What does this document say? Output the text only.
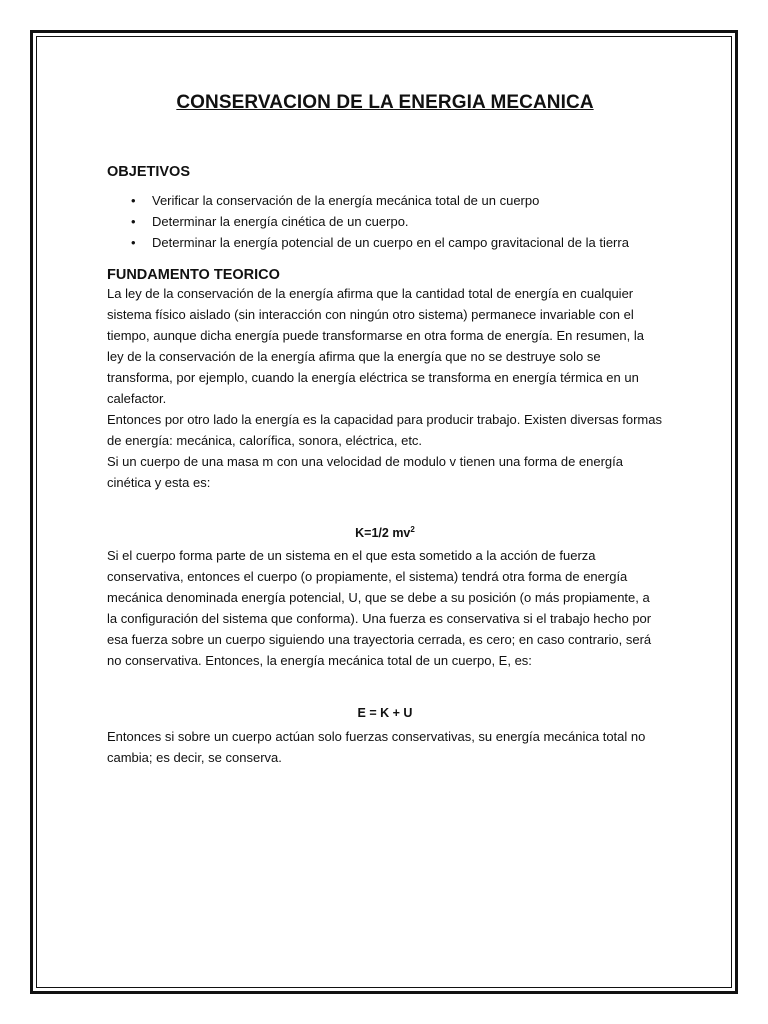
CONSERVACION DE LA ENERGIA MECANICA
OBJETIVOS
• Verificar la conservación de la energía mecánica total de un cuerpo
• Determinar la energía cinética de un cuerpo.
• Determinar la energía potencial de un cuerpo en el campo gravitacional de la tierra
FUNDAMENTO TEORICO

La ley de la conservación de la energía afirma que la cantidad total de energía en cualquier sistema físico aislado (sin interacción con ningún otro sistema) permanece invariable con el tiempo, aunque dicha energía puede transformarse en otra forma de energía. En resumen, la ley de la conservación de la energía afirma que la energía que no se destruye solo se transforma, por ejemplo, cuando la energía eléctrica se transforma en energía térmica en un calefactor.

Entonces por otro lado la energía es la capacidad para producir trabajo. Existen diversas formas de energía: mecánica, calorífica, sonora, eléctrica, etc.

Si un cuerpo de una masa m con una velocidad de modulo v tienen una forma de energía cinética y esta es:

K=1/2 $mv^2$

Si el cuerpo forma parte de un sistema en el que esta sometido a la acción de fuerza conservativa, entonces el cuerpo (o propiamente, el sistema) tendrá otra forma de energía mecánica denominada energía potencial, U, que se debe a su posición (o más propiamente, a la configuración del sistema que conforma). Una fuerza es conservativa si el trabajo hecho por esa fuerza sobre un cuerpo siguiendo una trayectoria cerrada, es cero; en caso contrario, será no conservativa. Entonces, la energía mecánica total de un cuerpo, E, es:

E = K + U

Entonces si sobre un cuerpo actúan solo fuerzas conservativas, su energía mecánica total no cambia; es decir, se conserva.
